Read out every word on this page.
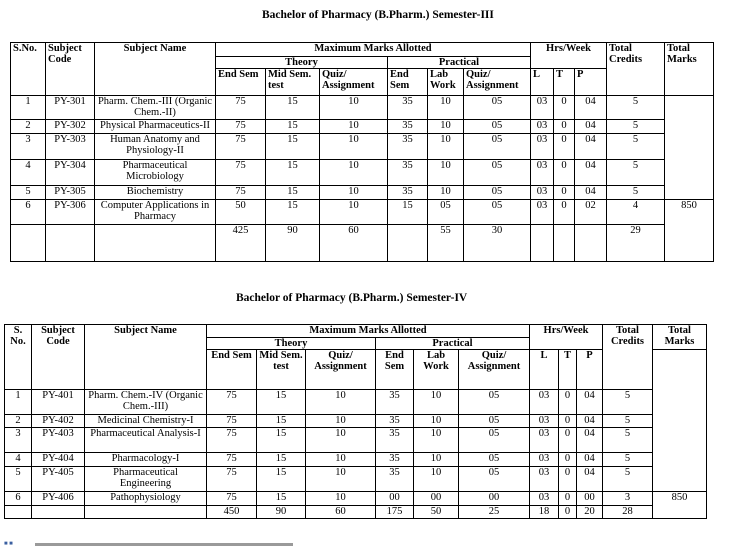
Bachelor of Pharmacy (B.Pharm.) Semester-III
S.No.	Subject Code	Subject Name	Maximum Marks Allotted						Hrs/Week			Total Credits	Total Marks
			Theory			Practical							
			End Sem	Mid Sem. test	Quiz/ Assignment	End Sem	Lab Work	Quiz/ Assignment	L	T	P		
1	PY-301	Pharm. Chem.-III (Organic Chem.-II)	75	15	10	35	10	05	03	0	04	5	
2	PY-302	Physical Pharmaceutics-II	75	15	10	35	10	05	03	0	04	5	
3	PY-303	Human Anatomy and Physiology-II	75	15	10	35	10	05	03	0	04	5	
4	PY-304	Pharmaceutical Microbiology	75	15	10	35	10	05	03	0	04	5	
5	PY-305	Biochemistry	75	15	10	35	10	05	03	0	04	5	
6	PY-306	Computer Applications in Pharmacy	50	15	10	15	05	05	03	0	02	4	850
			425	90	60		55	30				29	
Bachelor of Pharmacy (B.Pharm.) Semester-IV
S. No.	Subject Code	Subject Name	Maximum Marks Allotted						Hrs/Week			Total Credits	Total Marks
			Theory			Practical							
			End Sem	Mid Sem. test	Quiz/ Assignment	End Sem	Lab Work	Quiz/ Assignment	L	T	P		
1	PY-401	Pharm. Chem.-IV (Organic Chem.-III)	75	15	10	35	10	05	03	0	04	5	
2	PY-402	Medicinal Chemistry-I	75	15	10	35	10	05	03	0	04	5	
3	PY-403	Pharmaceutical Analysis-I	75	15	10	35	10	05	03	0	04	5	
4	PY-404	Pharmacology-I	75	15	10	35	10	05	03	0	04	5	
5	PY-405	Pharmaceutical Engineering	75	15	10	35	10	05	03	0	04	5	
6	PY-406	Pathophysiology	75	15	10	00	00	00	03	0	00	3	850
			450	90	60	175	50	25	18	0	20	28	
■ ■
